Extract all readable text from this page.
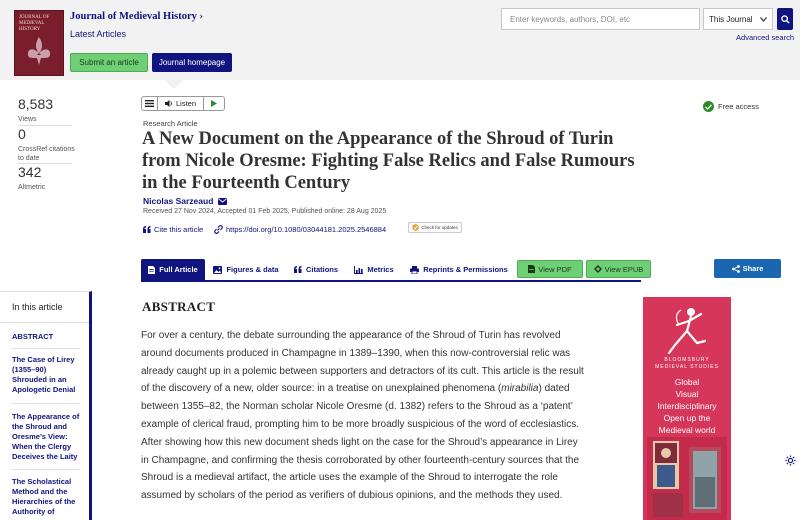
JOURNAL OF
MEDIEVAL
HISTORY
Journal of Medieval History ›
Latest Articles
Submit an article	Journal homepage
Enter keywords, authors, DOI, etc	This Journal
Advanced search
8,583
Views
0
CrossRef citations to date
342
Altmetric
Listen	Free access
Research Article
A New Document on the Appearance of the Shroud of Turin from Nicole Oresme: Fighting False Relics and False Rumours in the Fourteenth Century
Nicolas Sarzeaud
Received 27 Nov 2024, Accepted 01 Feb 2025, Published online: 28 Aug 2025
Cite this article	https://doi.org/10.1080/03044181.2025.2546884	Check for updates
Full Article	Figures & data	Citations	Metrics	Reprints & Permissions	View PDF	View EPUB	Share
In this article
ABSTRACT
The Case of Lirey (1355–90) Shrouded in an Apologetic Denial
The Appearance of the Shroud and Oresme’s View: When the Clergy Deceives the Laity
The Scholastical Method and the Hierarchies of the Authority of
ABSTRACT

For over a century, the debate surrounding the appearance of the Shroud of Turin has revolved around documents produced in Champagne in 1389–1390, when this now-controversial relic was already caught up in a polemic between supporters and detractors of its cult. This article is the result of the discovery of a new, older source: in a treatise on unexplained phenomena (mirabilia) dated between 1355–82, the Norman scholar Nicole Oresme (d. 1382) refers to the Shroud as a ‘patent’ example of clerical fraud, prompting him to be more broadly suspicious of the word of ecclesiastics. After showing how this new document sheds light on the case for the Shroud’s appearance in Lirey in Champagne, and confirming the thesis corroborated by other fourteenth-century sources that the Shroud is a medieval artifact, the article uses the example of the Shroud to interrogate the role assumed by scholars of the period as verifiers of dubious opinions, and the methods they used.

BLOOMSBURY
MEDIEVAL STUDIES
Global
Visual
Interdisciplinary
Open up the
Medieval world
